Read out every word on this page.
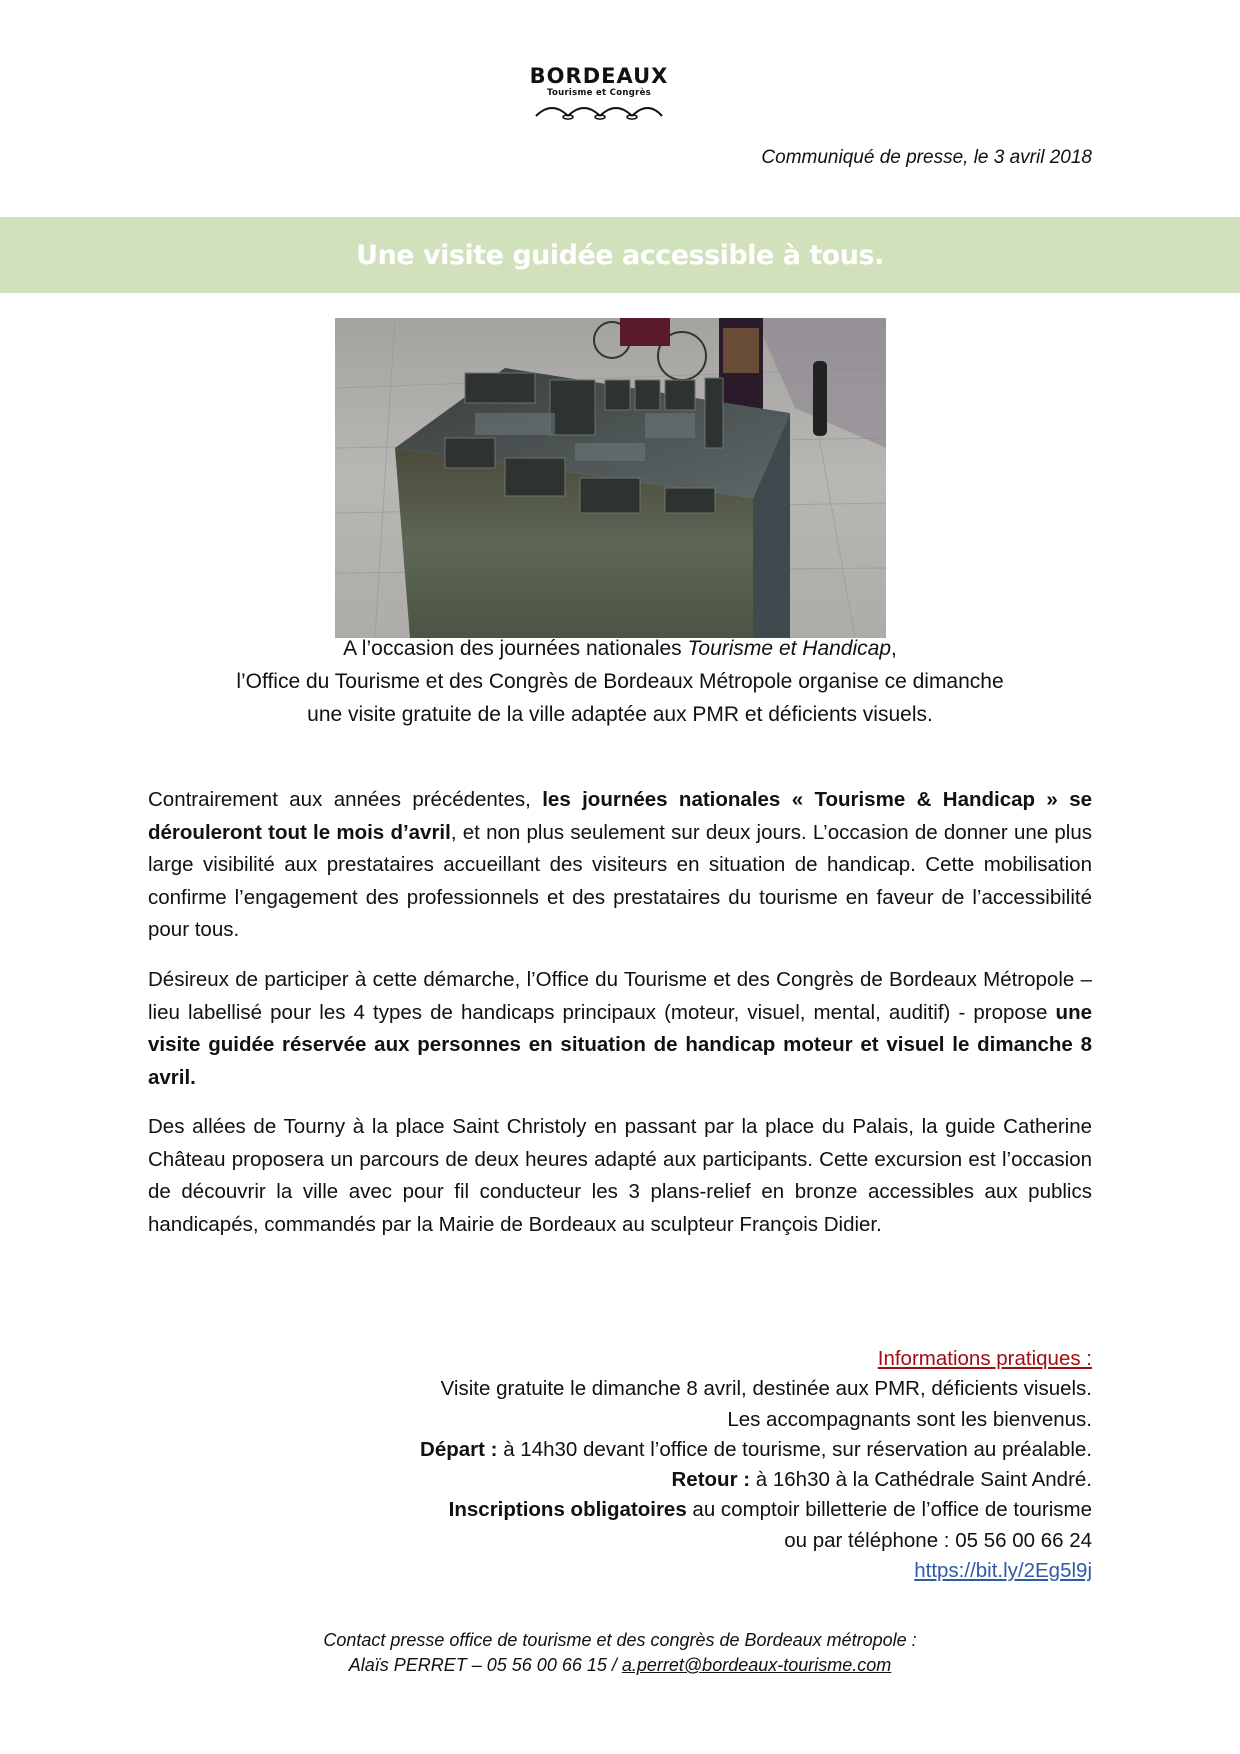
BORDEAUX
Tourisme et Congrès
Communiqué de presse, le 3 avril 2018
Une visite guidée accessible à tous.
A l’occasion des journées nationales Tourisme et Handicap,
l’Office du Tourisme et des Congrès de Bordeaux Métropole organise ce dimanche
une visite gratuite de la ville adaptée aux PMR et déficients visuels.

Contrairement aux années précédentes, les journées nationales « Tourisme & Handicap » se dérouleront tout le mois d’avril, et non plus seulement sur deux jours. L’occasion de donner une plus large visibilité aux prestataires accueillant des visiteurs en situation de handicap. Cette mobilisation confirme l’engagement des professionnels et des prestataires du tourisme en faveur de l’accessibilité pour tous.

Désireux de participer à cette démarche, l’Office du Tourisme et des Congrès de Bordeaux Métropole – lieu labellisé pour les 4 types de handicaps principaux (moteur, visuel, mental, auditif) - propose une visite guidée réservée aux personnes en situation de handicap moteur et visuel le dimanche 8 avril.

Des allées de Tourny à la place Saint Christoly en passant par la place du Palais, la guide Catherine Château proposera un parcours de deux heures adapté aux participants. Cette excursion est l’occasion de découvrir la ville avec pour fil conducteur les 3 plans-relief en bronze accessibles aux publics handicapés, commandés par la Mairie de Bordeaux au sculpteur François Didier.

Informations pratiques :
Visite gratuite le dimanche 8 avril, destinée aux PMR, déficients visuels.
Les accompagnants sont les bienvenus.
Départ : à 14h30 devant l’office de tourisme, sur réservation au préalable.
Retour : à 16h30 à la Cathédrale Saint André.
Inscriptions obligatoires au comptoir billetterie de l’office de tourisme
ou par téléphone : 05 56 00 66 24
https://bit.ly/2Eg5l9j
Contact presse office de tourisme et des congrès de Bordeaux métropole :
Alaïs PERRET – 05 56 00 66 15 / a.perret@bordeaux-tourisme.com
